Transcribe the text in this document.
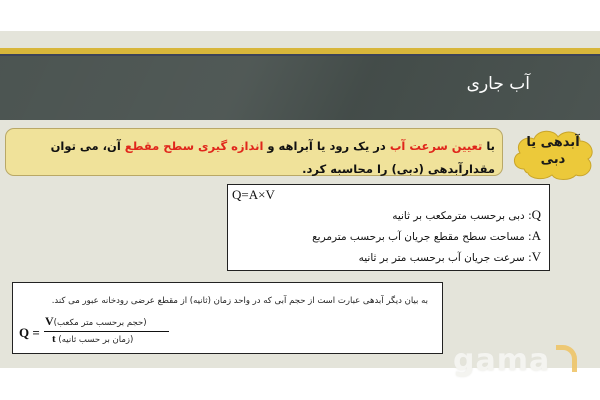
آب جاری
با تعیین سرعت آب در یک رود یا آبراهه و اندازه گیری سطح مقطع آن، می توان مقدارآبدهی (دبی) را محاسبه کرد.
آبدهی یا
دبی
Q=A×V
Q: دبی برحسب مترمکعب بر ثانیه
A: مساحت سطح مقطع جریان آب برحسب مترمربع
V: سرعت جریان آب برحسب متر بر ثانیه
به بیان دیگر آبدهی عبارت است از حجم آبی که در واحد زمان (ثانیه) از مقطع عرضی رودخانه عبور می کند.
Q =
V(حجم برحسب متر مکعب)
t (زمان بر حسب ثانیه)
gama
